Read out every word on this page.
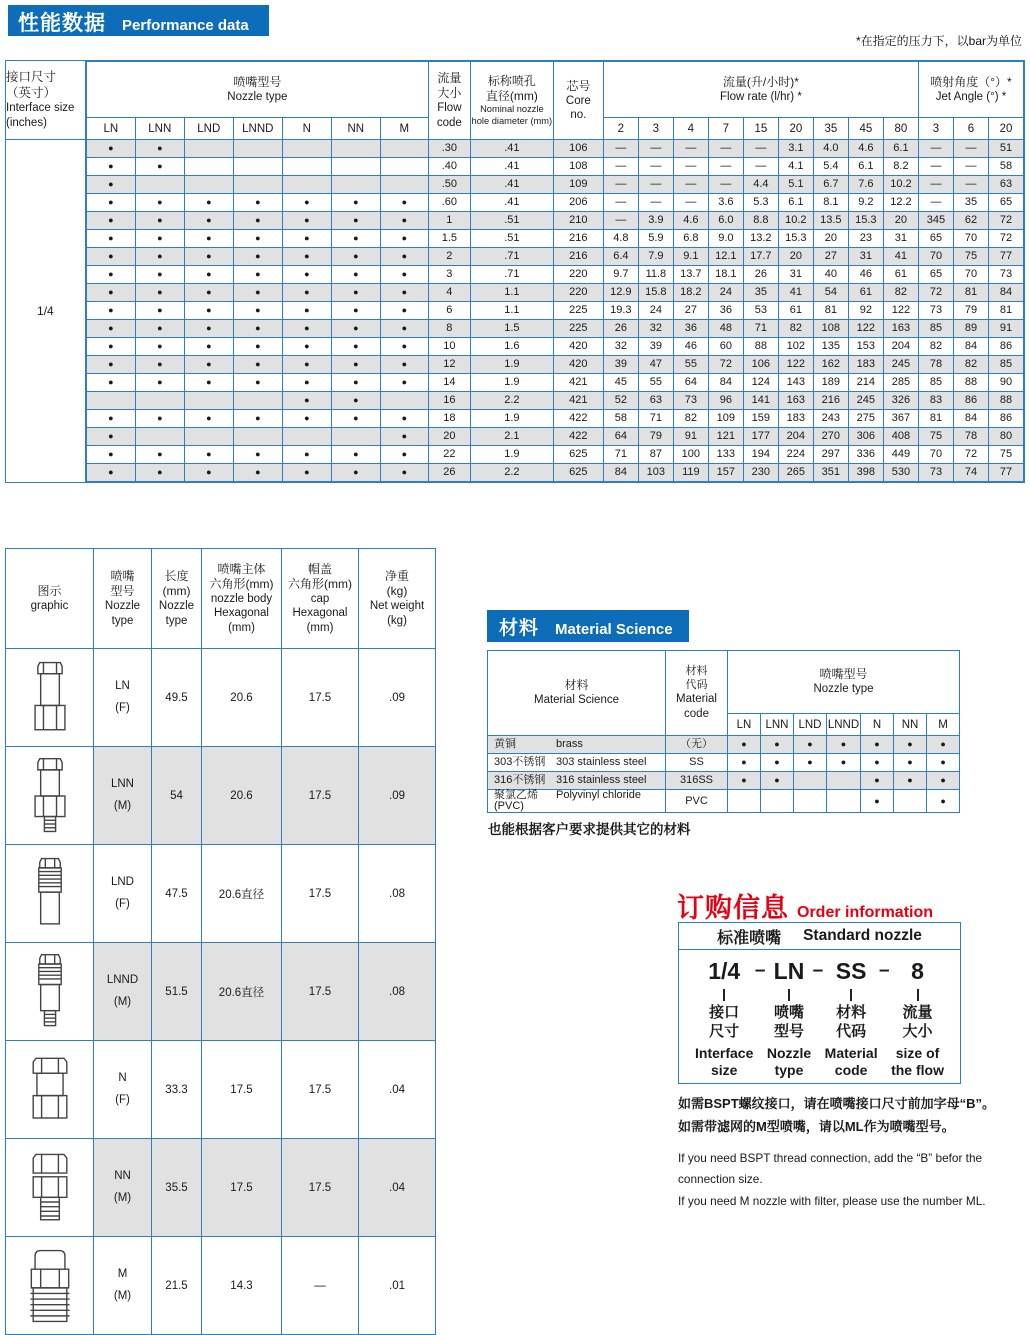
性能数据 Performance data
*在指定的压力下，以bar为单位
接口尺寸
（英寸）
Interface size
(inches)
1/4
喷嘴型号
Nozzle type							流量
大小
Flow
code	标称喷孔
直径(mm)
Nominal nozzle
hole diameter (mm)	芯号
Core
no.	流量(升/小时)*
Flow rate (l/hr) *									喷射角度（°）*
Jet Angle (°) *		

LN	LNN	LND	LNND	N	NN	M				2	3	4	7	15	20	35	45	80	3	6	20
●	●						.30	.41	106	—	—	—	—	—	3.1	4.0	4.6	6.1	—	—	51
●	●						.40	.41	108	—	—	—	—	—	4.1	5.4	6.1	8.2	—	—	58
●							.50	.41	109	—	—	—	—	4.4	5.1	6.7	7.6	10.2	—	—	63
●	●	●	●	●	●	●	.60	.41	206	—	—	—	3.6	5.3	6.1	8.1	9.2	12.2	—	35	65
●	●	●	●	●	●	●	1	.51	210	—	3.9	4.6	6.0	8.8	10.2	13.5	15.3	20	345	62	72
●	●	●	●	●	●	●	1.5	.51	216	4.8	5.9	6.8	9.0	13.2	15.3	20	23	31	65	70	72
●	●	●	●	●	●	●	2	.71	216	6.4	7.9	9.1	12.1	17.7	20	27	31	41	70	75	77
●	●	●	●	●	●	●	3	.71	220	9.7	11.8	13.7	18.1	26	31	40	46	61	65	70	73
●	●	●	●	●	●	●	4	1.1	220	12.9	15.8	18.2	24	35	41	54	61	82	72	81	84
●	●	●	●	●	●	●	6	1.1	225	19.3	24	27	36	53	61	81	92	122	73	79	81
●	●	●	●	●	●	●	8	1.5	225	26	32	36	48	71	82	108	122	163	85	89	91
●	●	●	●	●	●	●	10	1.6	420	32	39	46	60	88	102	135	153	204	82	84	86
●	●	●	●	●	●	●	12	1.9	420	39	47	55	72	106	122	162	183	245	78	82	85
●	●	●	●	●	●	●	14	1.9	421	45	55	64	84	124	143	189	214	285	85	88	90
				●	●		16	2.2	421	52	63	73	96	141	163	216	245	326	83	86	88
●	●	●	●	●	●	●	18	1.9	422	58	71	82	109	159	183	243	275	367	81	84	86
●						●	20	2.1	422	64	79	91	121	177	204	270	306	408	75	78	80
●	●	●	●	●	●	●	22	1.9	625	71	87	100	133	194	224	297	336	449	70	72	75
●	●	●	●	●	●	●	26	2.2	625	84	103	119	157	230	265	351	398	530	73	74	77
图示
graphic	喷嘴
型号
Nozzle
type	长度
(mm)
Nozzle
type	喷嘴主体
六角形(mm)
nozzle body
Hexagonal
(mm)	帽盖
六角形(mm)
cap
Hexagonal
(mm)	净重
(kg)
Net weight
(kg)

LN
(F)	49.5	20.6	17.5	.09

LNN
(M)	54	20.6	17.5	.09

LND
(F)	47.5	20.6直径	17.5	.08

LNND
(M)	51.5	20.6直径	17.5	.08

N
(F)	33.3	17.5	17.5	.04

NN
(M)	35.5	17.5	17.5	.04

M
(M)	21.5	14.3	—	.01
材料 Material Science
材料
Material Science	材料
代码
Material
code	喷嘴型号
Nozzle type						

		LN	LNN	LND	LNND	N	NN	M
黄铜 brass	（无）	●	●	●	●	●	●	●
303不锈钢 303 stainless steel	SS	●	●	●	●	●	●	●
316不锈钢 316 stainless steel	316SS	●	●			●	●	●
聚氯乙烯 Polyvinyl chloride (PVC)	PVC					●		●
也能根据客户要求提供其它的材料
订购信息 Order information
标准喷嘴 Standard nozzle
1/4
接口
尺寸
Interface
size
– LN
喷嘴
型号
Nozzle
type
– SS
材料
代码
Material
code
– 8
流量
大小
size of
the flow
如需BSPT螺纹接口，请在喷嘴接口尺寸前加字母“B”。
如需带滤网的M型喷嘴，请以ML作为喷嘴型号。
If you need BSPT thread connection, add the “B” befor the connection size.
If you need M nozzle with filter, please use the number ML.
